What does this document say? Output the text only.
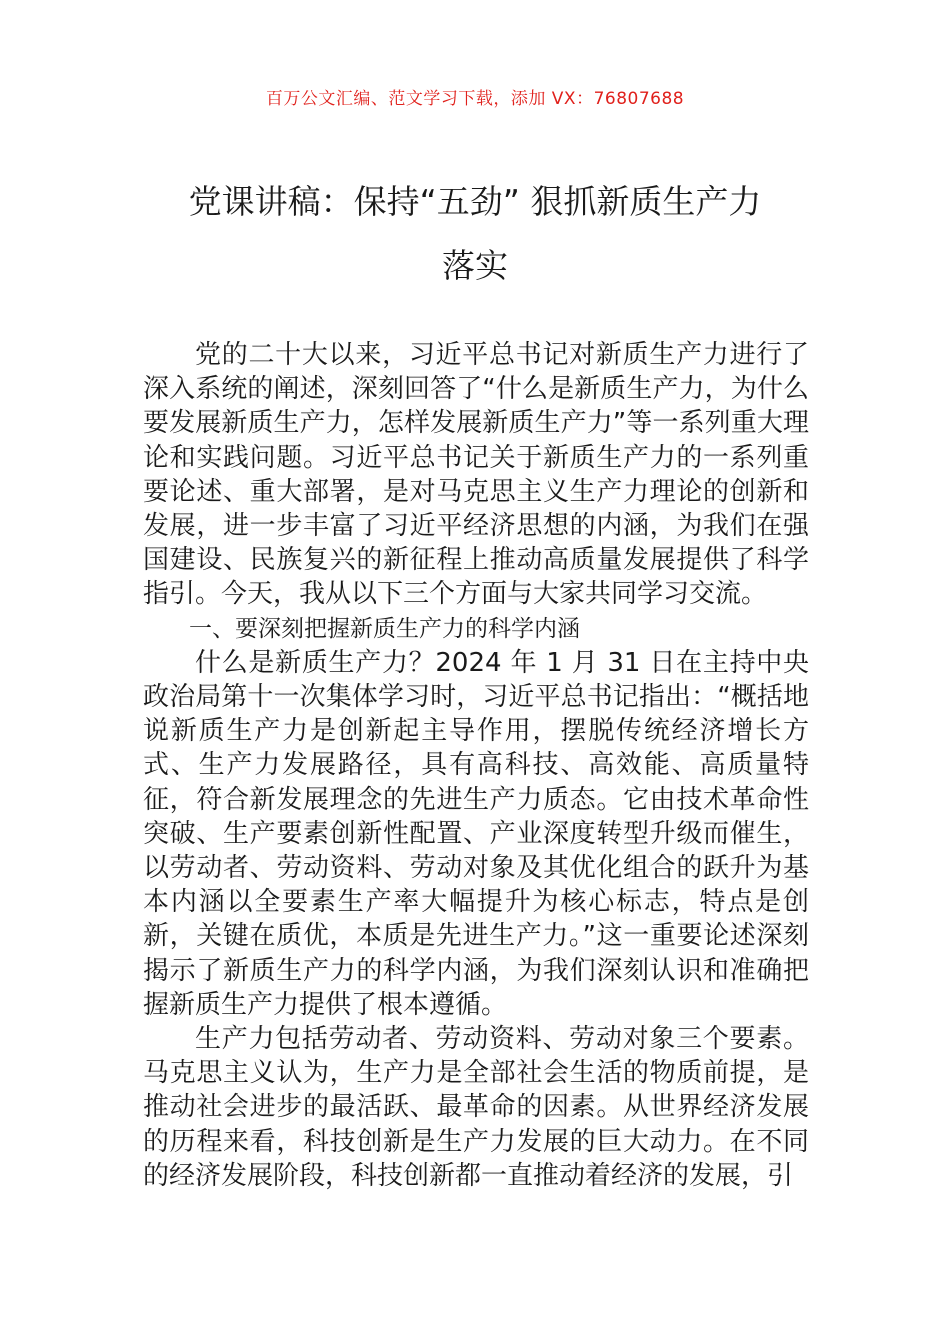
百万公文汇编、范文学习下载，添加 VX：76807688
党课讲稿：保持“五劲” 狠抓新质生产力
落实

党的二十大以来，习近平总书记对新质生产力进行了深入系统的阐述，深刻回答了“什么是新质生产力，为什么要发展新质生产力，怎样发展新质生产力”等一系列重大理论和实践问题。习近平总书记关于新质生产力的一系列重要论述、重大部署，是对马克思主义生产力理论的创新和发展，进一步丰富了习近平经济思想的内涵，为我们在强国建设、民族复兴的新征程上推动高质量发展提供了科学指引。今天，我从以下三个方面与大家共同学习交流。

一、要深刻把握新质生产力的科学内涵

什么是新质生产力？2024 年 1 月 31 日在主持中央政治局第十一次集体学习时，习近平总书记指出：“概括地说新质生产力是创新起主导作用，摆脱传统经济增长方式、生产力发展路径，具有高科技、高效能、高质量特征，符合新发展理念的先进生产力质态。它由技术革命性突破、生产要素创新性配置、产业深度转型升级而催生，以劳动者、劳动资料、劳动对象及其优化组合的跃升为基本内涵以全要素生产率大幅提升为核心标志，特点是创新，关键在质优，本质是先进生产力。”这一重要论述深刻揭示了新质生产力的科学内涵，为我们深刻认识和准确把握新质生产力提供了根本遵循。

生产力包括劳动者、劳动资料、劳动对象三个要素。马克思主义认为，生产力是全部社会生活的物质前提，是推动社会进步的最活跃、最革命的因素。从世界经济发展的历程来看，科技创新是生产力发展的巨大动力。在不同的经济发展阶段，科技创新都一直推动着经济的发展，引
